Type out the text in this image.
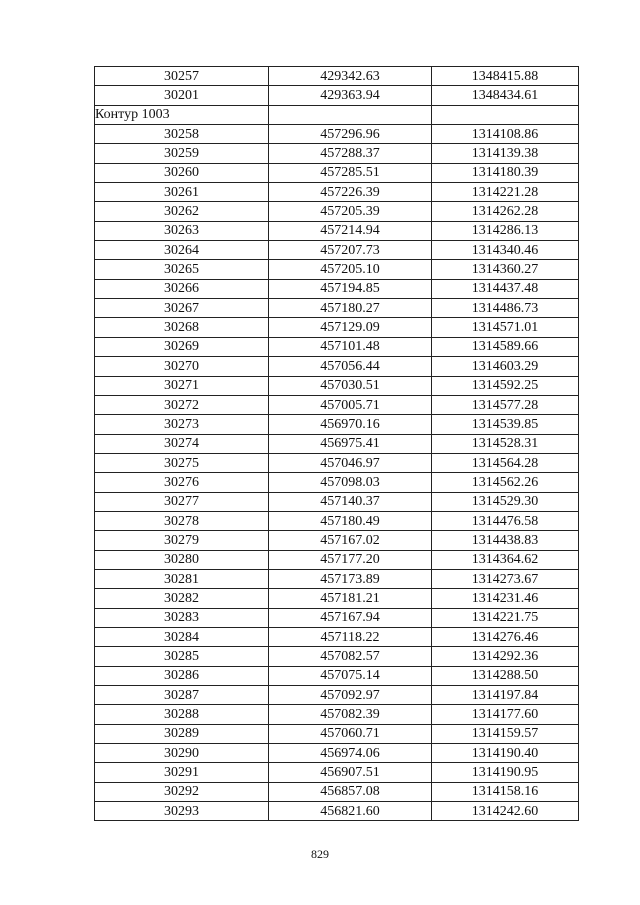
30257	429342.63	1348415.88
30201	429363.94	1348434.61
Контур 1003		
30258	457296.96	1314108.86
30259	457288.37	1314139.38
30260	457285.51	1314180.39
30261	457226.39	1314221.28
30262	457205.39	1314262.28
30263	457214.94	1314286.13
30264	457207.73	1314340.46
30265	457205.10	1314360.27
30266	457194.85	1314437.48
30267	457180.27	1314486.73
30268	457129.09	1314571.01
30269	457101.48	1314589.66
30270	457056.44	1314603.29
30271	457030.51	1314592.25
30272	457005.71	1314577.28
30273	456970.16	1314539.85
30274	456975.41	1314528.31
30275	457046.97	1314564.28
30276	457098.03	1314562.26
30277	457140.37	1314529.30
30278	457180.49	1314476.58
30279	457167.02	1314438.83
30280	457177.20	1314364.62
30281	457173.89	1314273.67
30282	457181.21	1314231.46
30283	457167.94	1314221.75
30284	457118.22	1314276.46
30285	457082.57	1314292.36
30286	457075.14	1314288.50
30287	457092.97	1314197.84
30288	457082.39	1314177.60
30289	457060.71	1314159.57
30290	456974.06	1314190.40
30291	456907.51	1314190.95
30292	456857.08	1314158.16
30293	456821.60	1314242.60
829
